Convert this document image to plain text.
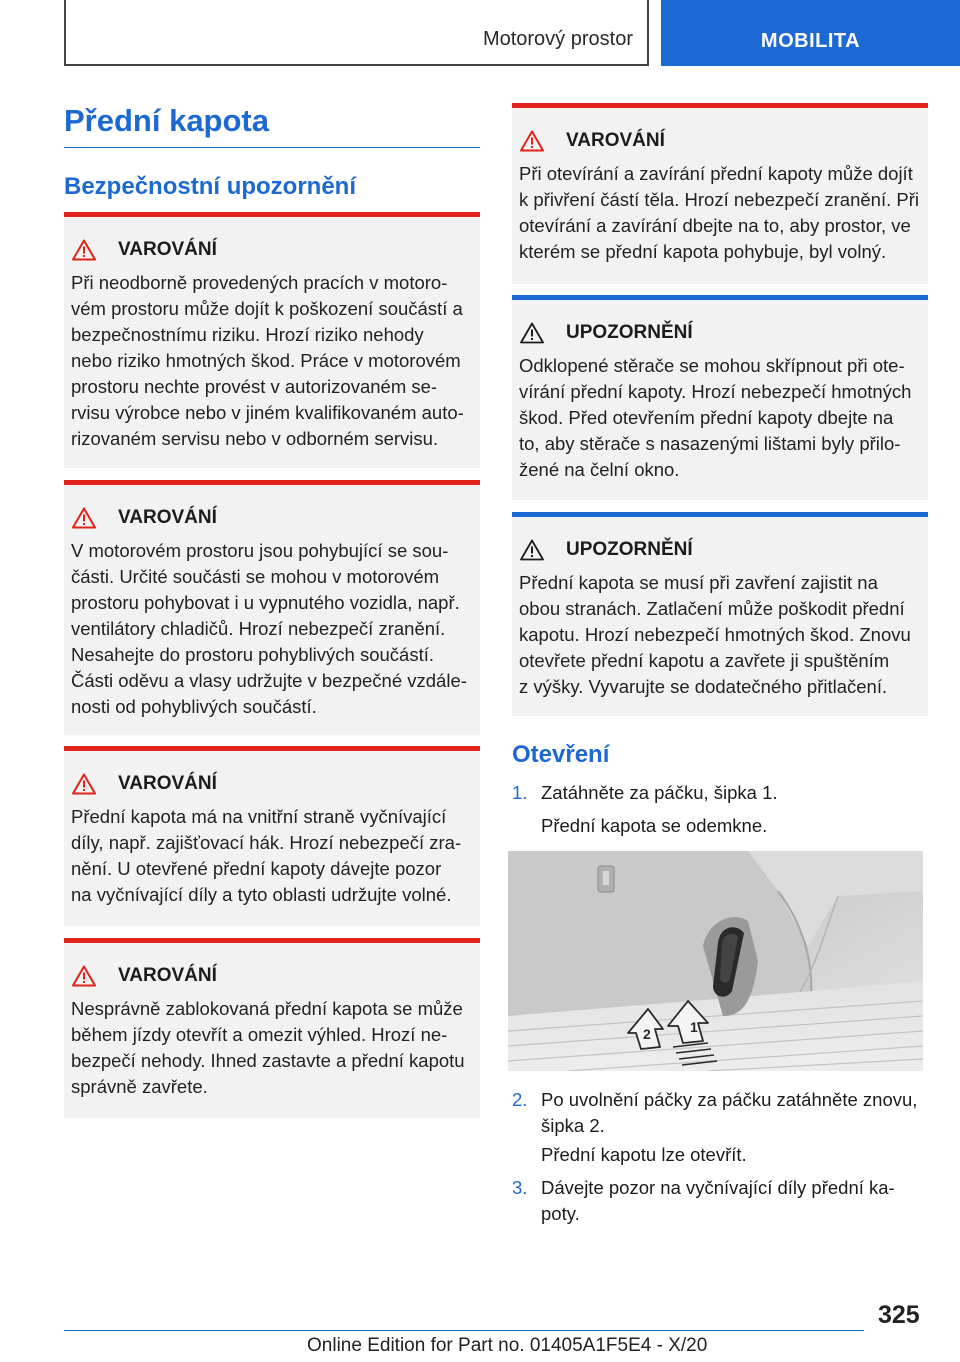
Motorový prostor	MOBILITA
Přední kapota
Bezpečnostní upozornění
VAROVÁNÍ
Při neodborně provedených pracích v motoro-
vém prostoru může dojít k poškození součástí a
bezpečnostnímu riziku. Hrozí riziko nehody
nebo riziko hmotných škod. Práce v motorovém
prostoru nechte provést v autorizovaném se-
rvisu výrobce nebo v jiném kvalifikovaném auto-
rizovaném servisu nebo v odborném servisu.
VAROVÁNÍ
V motorovém prostoru jsou pohybující se sou-
části. Určité součásti se mohou v motorovém
prostoru pohybovat i u vypnutého vozidla, např.
ventilátory chladičů. Hrozí nebezpečí zranění.
Nesahejte do prostoru pohyblivých součástí.
Části oděvu a vlasy udržujte v bezpečné vzdále-
nosti od pohyblivých součástí.
VAROVÁNÍ
Přední kapota má na vnitřní straně vyčnívající
díly, např. zajišťovací hák. Hrozí nebezpečí zra-
nění. U otevřené přední kapoty dávejte pozor
na vyčnívající díly a tyto oblasti udržujte volné.
VAROVÁNÍ
Nesprávně zablokovaná přední kapota se může
během jízdy otevřít a omezit výhled. Hrozí ne-
bezpečí nehody. Ihned zastavte a přední kapotu
správně zavřete.
VAROVÁNÍ
Při otevírání a zavírání přední kapoty může dojít
k přivření částí těla. Hrozí nebezpečí zranění. Při
otevírání a zavírání dbejte na to, aby prostor, ve
kterém se přední kapota pohybuje, byl volný.
UPOZORNĚNÍ
Odklopené stěrače se mohou skřípnout při ote-
vírání přední kapoty. Hrozí nebezpečí hmotných
škod. Před otevřením přední kapoty dbejte na
to, aby stěrače s nasazenými lištami byly přilo-
žené na čelní okno.
UPOZORNĚNÍ
Přední kapota se musí při zavření zajistit na
obou stranách. Zatlačení může poškodit přední
kapotu. Hrozí nebezpečí hmotných škod. Znovu
otevřete přední kapotu a zavřete ji spuštěním
z výšky. Vyvarujte se dodatečného přitlačení.
Otevření
1. Zatáhněte za páčku, šipka 1.
Přední kapota se odemkne.
1
2
2. Po uvolnění páčky za páčku zatáhněte znovu,
šipka 2.
Přední kapotu lze otevřít.
3. Dávejte pozor na vyčnívající díly přední ka-
poty.
325
Online Edition for Part no. 01405A1F5E4 - X/20
